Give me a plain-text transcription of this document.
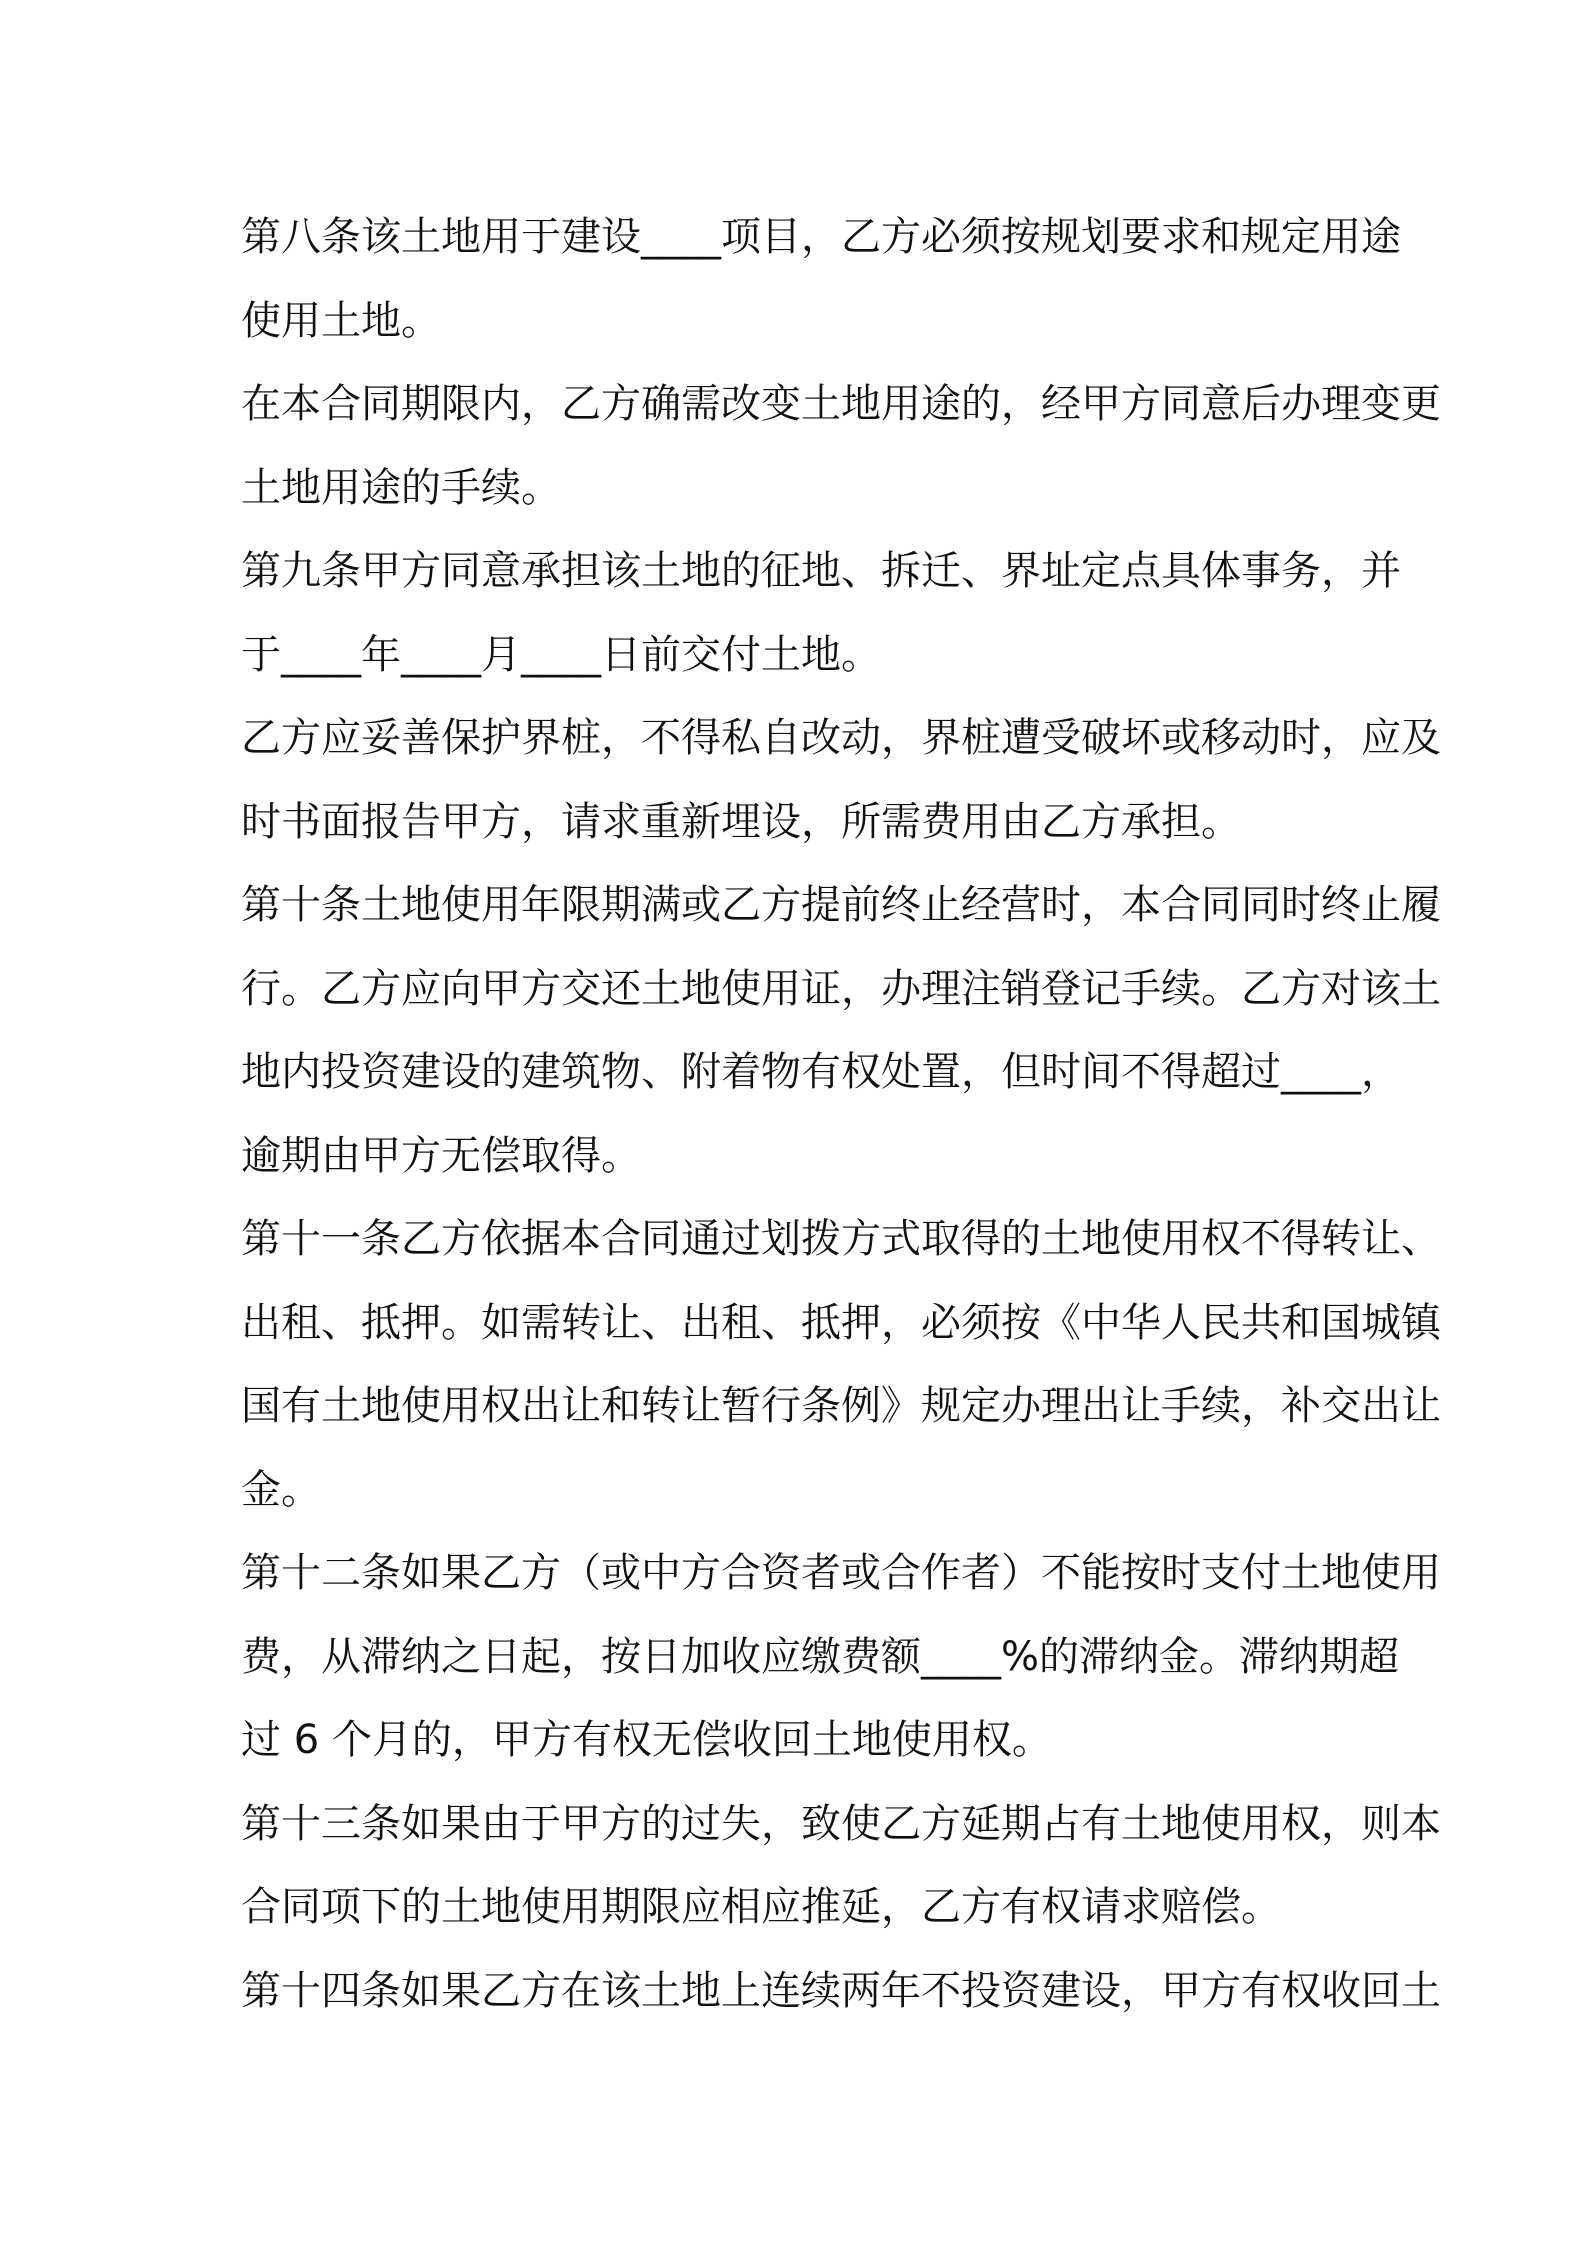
第八条该土地用于建设____项目，乙方必须按规划要求和规定用途
使用土地。

在本合同期限内，乙方确需改变土地用途的，经甲方同意后办理变更
土地用途的手续。

第九条甲方同意承担该土地的征地、拆迁、界址定点具体事务，并
于____年____月____日前交付土地。

乙方应妥善保护界桩，不得私自改动，界桩遭受破坏或移动时，应及
时书面报告甲方，请求重新埋设，所需费用由乙方承担。

第十条土地使用年限期满或乙方提前终止经营时，本合同同时终止履
行。乙方应向甲方交还土地使用证，办理注销登记手续。乙方对该土
地内投资建设的建筑物、附着物有权处置，但时间不得超过____，
逾期由甲方无偿取得。

第十一条乙方依据本合同通过划拨方式取得的土地使用权不得转让、
出租、抵押。如需转让、出租、抵押，必须按《中华人民共和国城镇
国有土地使用权出让和转让暂行条例》规定办理出让手续，补交出让
金。

第十二条如果乙方（或中方合资者或合作者）不能按时支付土地使用
费，从滞纳之日起，按日加收应缴费额____%的滞纳金。滞纳期超
过 6 个月的，甲方有权无偿收回土地使用权。

第十三条如果由于甲方的过失，致使乙方延期占有土地使用权，则本
合同项下的土地使用期限应相应推延，乙方有权请求赔偿。

第十四条如果乙方在该土地上连续两年不投资建设，甲方有权收回土
